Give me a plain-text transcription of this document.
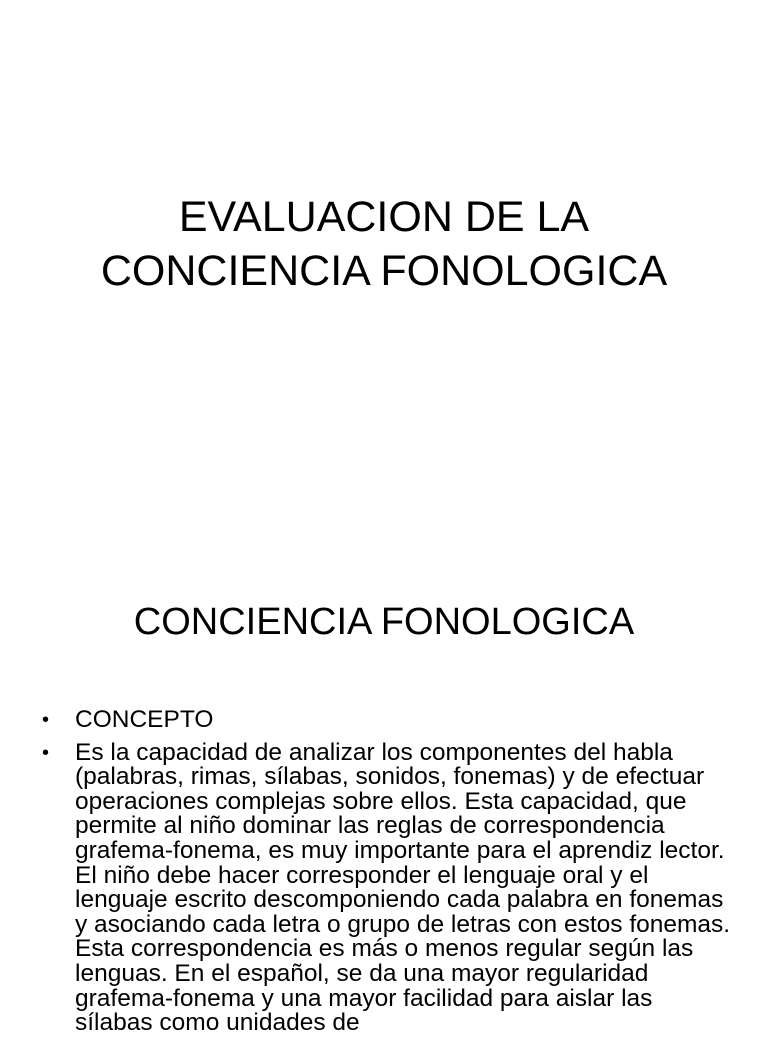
EVALUACION DE LA
CONCIENCIA FONOLOGICA
CONCIENCIA FONOLOGICA
• CONCEPTO
• Es la capacidad de analizar los componentes del habla (palabras, rimas, sílabas, sonidos, fonemas) y de efectuar operaciones complejas sobre ellos. Esta capacidad, que permite al niño dominar las reglas de correspondencia grafema-fonema, es muy importante para el aprendiz lector. El niño debe hacer corresponder el lenguaje oral y el lenguaje escrito descomponiendo cada palabra en fonemas y asociando cada letra o grupo de letras con estos fonemas. Esta correspondencia es más o menos regular según las lenguas. En el español, se da una mayor regularidad grafema-fonema y una mayor facilidad para aislar las sílabas como unidades de
